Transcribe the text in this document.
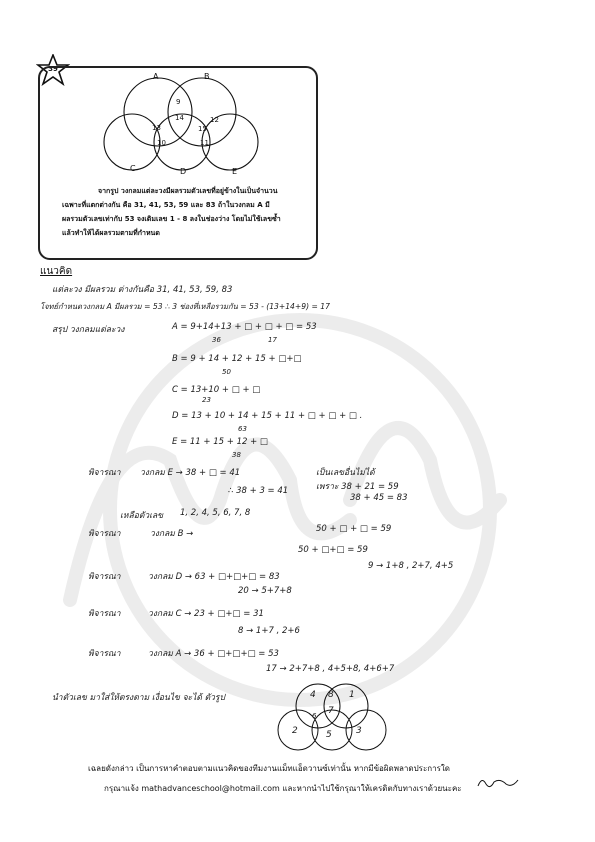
39
A	B
C	D	E
9
14
13
12
15
10	11
จากรูป วงกลมแต่ละวงมีผลรวมตัวเลขที่อยู่ข้างในเป็นจำนวน
เฉพาะที่แตกต่างกัน คือ 31, 41, 53, 59 และ 83 ถ้าในวงกลม A มี
ผลรวมตัวเลขเท่ากับ 53 จงเติมเลข 1 - 8 ลงในช่องว่าง โดยไม่ใช้เลขซ้ำ
แล้วทำให้ได้ผลรวมตามที่กำหนด
แนวคิด
แต่ละวง มีผลรวม ต่างกันคือ 31, 41, 53, 59, 83
โจทย์กำหนดวงกลม A มีผลรวม = 53 ∴ 3 ช่องที่เหลือรวมกัน = 53 - (13+14+9) = 17
สรุป วงกลมแต่ละวง	A = 9+14+13 + □ + □ + □ = 53
36	17
B = 9 + 14 + 12 + 15 + □+□
50
C = 13+10 + □ + □
23
D = 13 + 10 + 14 + 15 + 11 + □ + □ + □ .
63
E = 11 + 15 + 12 + □
38
พิจารณา วงกลม E → 38 + □ = 41	เป็นเลขอื่นไม่ได้
เพราะ 38 + 21 = 59
38 + 45 = 83
∴ 38 + 3 = 41
เหลือตัวเลข 1, 2, 4, 5, 6, 7, 8
พิจารณา	วงกลม B →	50 + □ + □ = 59
50 + □+□ = 59
9 → 1+8 , 2+7, 4+5
พิจารณา	วงกลม D → 63 + □+□+□ = 83
20 → 5+7+8
พิจารณา	วงกลม C → 23 + □+□ = 31
8 → 1+7 , 2+6
พิจารณา	วงกลม A → 36 + □+□+□ = 53
17 → 2+7+8 , 4+5+8, 4+6+7
นำตัวเลข มาใส่ให้ตรงตาม เงื่อนไข จะได้ ตัวรูป	4 8 1
7
2	5	3
6
เฉลยดังกล่าว เป็นการหาคำตอบตามแนวคิดของทีมงานแม็ทแอ็ดวานซ์เท่านั้น หากมีข้อผิดพลาดประการใด
กรุณาแจ้ง mathadvanceschool@hotmail.com และหากนำไปใช้กรุณาให้เครดิตกับทางเราด้วยนะคะ
